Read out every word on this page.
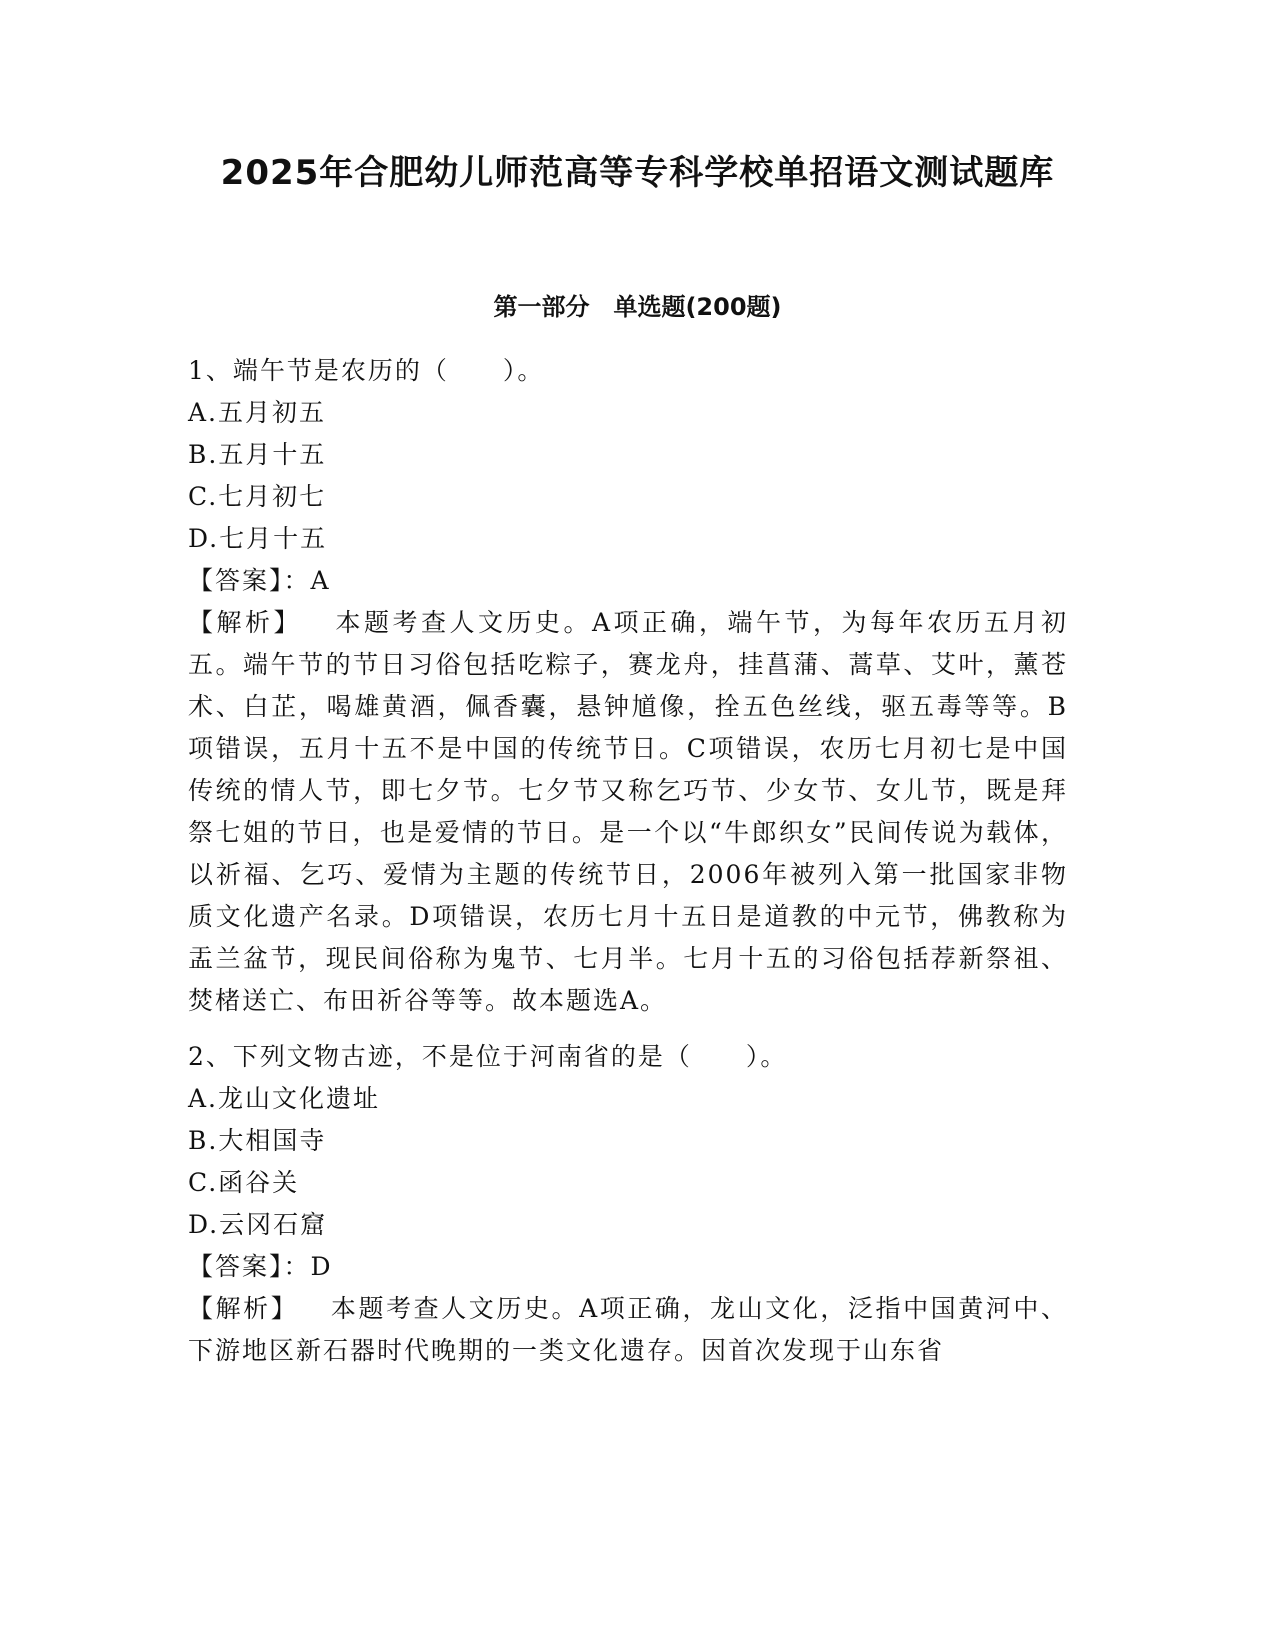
2025年合肥幼儿师范高等专科学校单招语文测试题库
第一部分　单选题(200题)

1、端午节是农历的（　　）。

A.五月初五

B.五月十五

C.七月初七

D.七月十五

【答案】：A

【解析】 本题考查人文历史。A项正确，端午节，为每年农历五月初五。端午节的节日习俗包括吃粽子，赛龙舟，挂菖蒲、蒿草、艾叶，薰苍术、白芷，喝雄黄酒，佩香囊，悬钟馗像，拴五色丝线，驱五毒等等。B项错误，五月十五不是中国的传统节日。C项错误，农历七月初七是中国传统的情人节，即七夕节。七夕节又称乞巧节、少女节、女儿节，既是拜祭七姐的节日，也是爱情的节日。是一个以“牛郎织女”民间传说为载体，以祈福、乞巧、爱情为主题的传统节日，2006年被列入第一批国家非物质文化遗产名录。D项错误，农历七月十五日是道教的中元节，佛教称为盂兰盆节，现民间俗称为鬼节、七月半。七月十五的习俗包括荐新祭祖、焚楮送亡、布田祈谷等等。故本题选A。

2、下列文物古迹，不是位于河南省的是（　　）。

A.龙山文化遗址

B.大相国寺

C.函谷关

D.云冈石窟

【答案】：D

【解析】 本题考查人文历史。A项正确，龙山文化，泛指中国黄河中、下游地区新石器时代晚期的一类文化遗存。因首次发现于山东省
